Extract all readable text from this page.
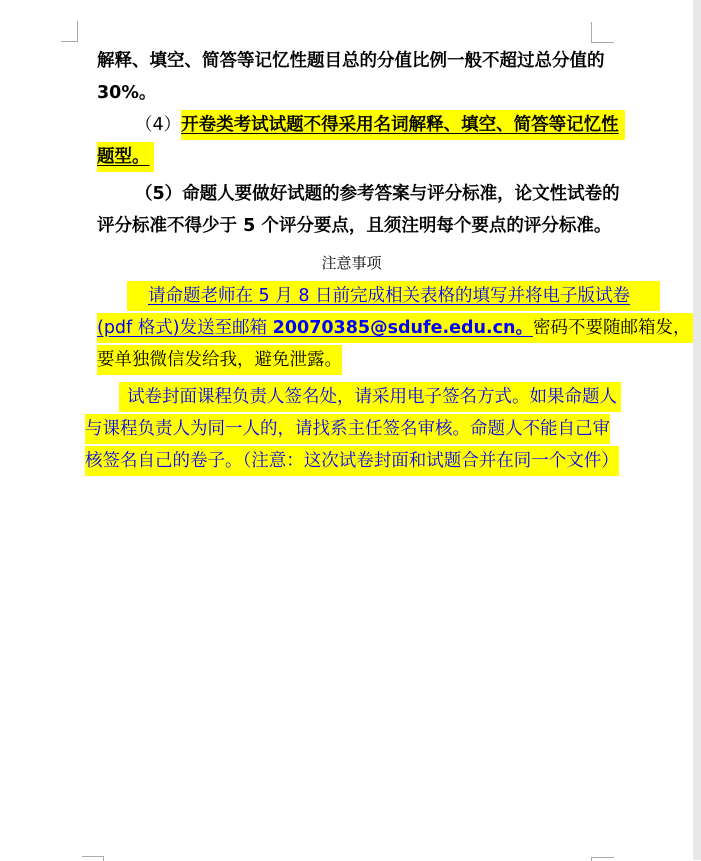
解释、填空、简答等记忆性题目总的分值比例一般不超过总分值的
30%。
（4）开卷类考试试题不得采用名词解释、填空、简答等记忆性
题型。
（5）命题人要做好试题的参考答案与评分标准，论文性试卷的
评分标准不得少于 5 个评分要点，且须注明每个要点的评分标准。
注意事项
请命题老师在 5 月 8 日前完成相关表格的填写并将电子版试卷
(pdf 格式)发送至邮箱 20070385@sdufe.edu.cn。密码不要随邮箱发，
要单独微信发给我，避免泄露。
试卷封面课程负责人签名处，请采用电子签名方式。如果命题人
与课程负责人为同一人的，请找系主任签名审核。命题人不能自己审
核签名自己的卷子。（注意：这次试卷封面和试题合并在同一个文件）
